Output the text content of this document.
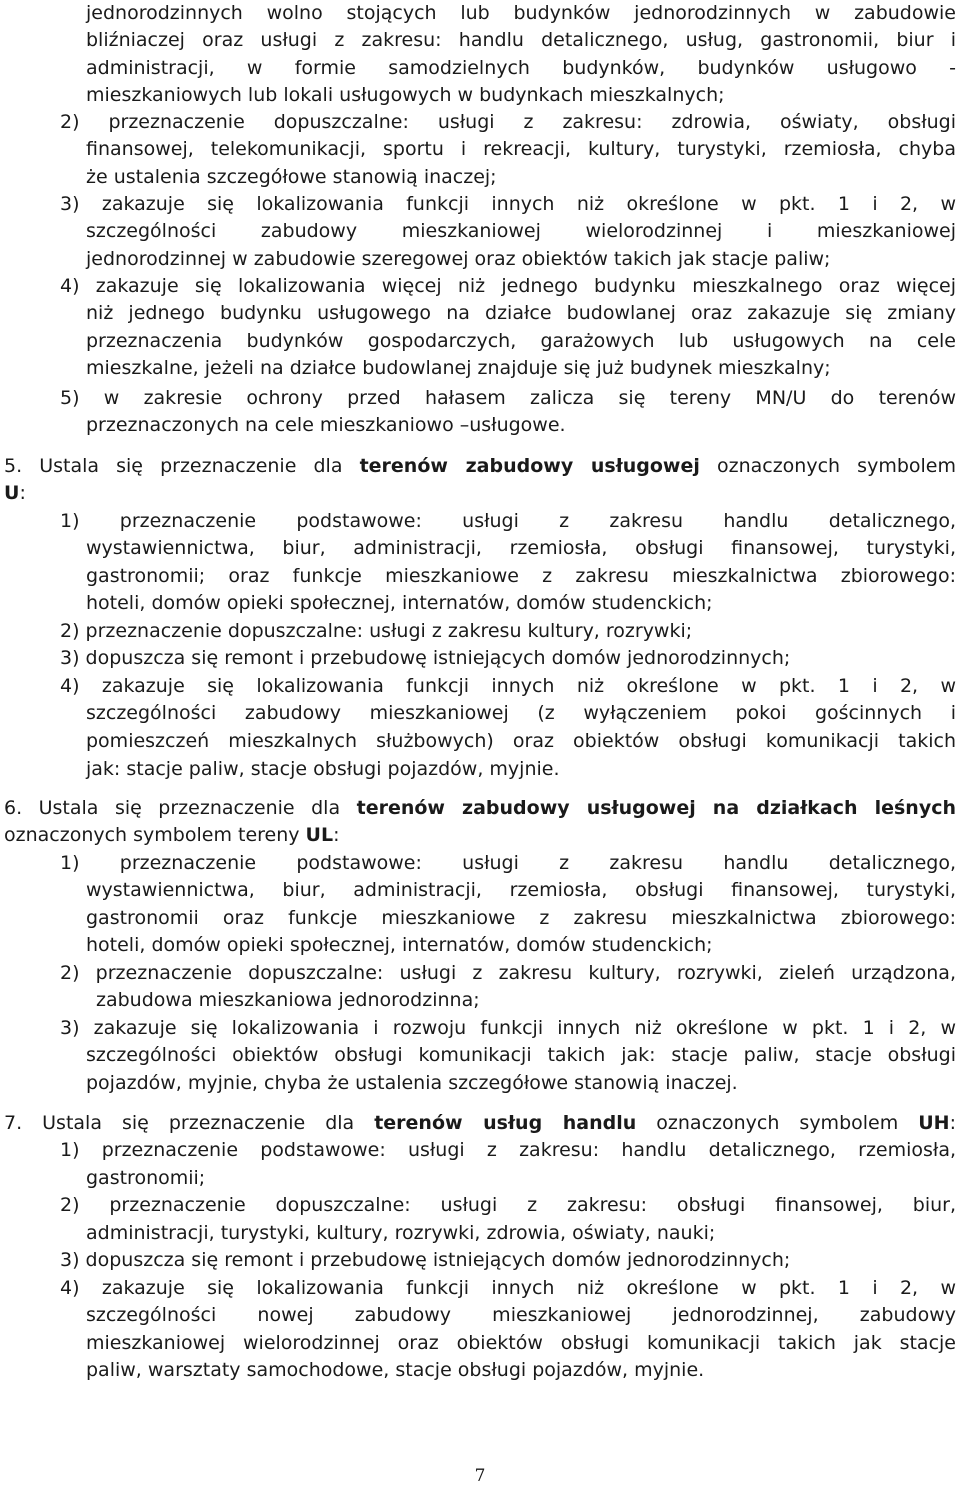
jednorodzinnych wolno stojących lub budynków jednorodzinnych w zabudowie
bliźniaczej oraz usługi z zakresu: handlu detalicznego, usług, gastronomii, biur i
administracji, w formie samodzielnych budynków, budynków usługowo -
mieszkaniowych lub lokali usługowych w budynkach mieszkalnych;
2) przeznaczenie dopuszczalne: usługi z zakresu: zdrowia, oświaty, obsługi
finansowej, telekomunikacji, sportu i rekreacji, kultury, turystyki, rzemiosła, chyba
że ustalenia szczegółowe stanowią inaczej;
3) zakazuje się lokalizowania funkcji innych niż określone w pkt. 1 i 2, w
szczególności zabudowy mieszkaniowej wielorodzinnej i mieszkaniowej
jednorodzinnej w zabudowie szeregowej oraz obiektów takich jak stacje paliw;
4) zakazuje się lokalizowania więcej niż jednego budynku mieszkalnego oraz więcej
niż jednego budynku usługowego na działce budowlanej oraz zakazuje się zmiany
przeznaczenia budynków gospodarczych, garażowych lub usługowych na cele
mieszkalne, jeżeli na działce budowlanej znajduje się już budynek mieszkalny;
5) w zakresie ochrony przed hałasem zalicza się tereny MN/U do terenów
przeznaczonych na cele mieszkaniowo –usługowe.
5. Ustala się przeznaczenie dla terenów zabudowy usługowej oznaczonych symbolem
U:
1) przeznaczenie podstawowe: usługi z zakresu handlu detalicznego,
wystawiennictwa, biur, administracji, rzemiosła, obsługi finansowej, turystyki,
gastronomii; oraz funkcje mieszkaniowe z zakresu mieszkalnictwa zbiorowego:
hoteli, domów opieki społecznej, internatów, domów studenckich;
2) przeznaczenie dopuszczalne: usługi z zakresu kultury, rozrywki;
3) dopuszcza się remont i przebudowę istniejących domów jednorodzinnych;
4) zakazuje się lokalizowania funkcji innych niż określone w pkt. 1 i 2, w
szczególności zabudowy mieszkaniowej (z wyłączeniem pokoi gościnnych i
pomieszczeń mieszkalnych służbowych) oraz obiektów obsługi komunikacji takich
jak: stacje paliw, stacje obsługi pojazdów, myjnie.
6. Ustala się przeznaczenie dla terenów zabudowy usługowej na działkach leśnych
oznaczonych symbolem tereny UL:
1) przeznaczenie podstawowe: usługi z zakresu handlu detalicznego,
wystawiennictwa, biur, administracji, rzemiosła, obsługi finansowej, turystyki,
gastronomii oraz funkcje mieszkaniowe z zakresu mieszkalnictwa zbiorowego:
hoteli, domów opieki społecznej, internatów, domów studenckich;
2) przeznaczenie dopuszczalne: usługi z zakresu kultury, rozrywki, zieleń urządzona,
zabudowa mieszkaniowa jednorodzinna;
3) zakazuje się lokalizowania i rozwoju funkcji innych niż określone w pkt. 1 i 2, w
szczególności obiektów obsługi komunikacji takich jak: stacje paliw, stacje obsługi
pojazdów, myjnie, chyba że ustalenia szczegółowe stanowią inaczej.
7. Ustala się przeznaczenie dla terenów usług handlu oznaczonych symbolem UH:
1) przeznaczenie podstawowe: usługi z zakresu: handlu detalicznego, rzemiosła,
gastronomii;
2) przeznaczenie dopuszczalne: usługi z zakresu: obsługi finansowej, biur,
administracji, turystyki, kultury, rozrywki, zdrowia, oświaty, nauki;
3) dopuszcza się remont i przebudowę istniejących domów jednorodzinnych;
4) zakazuje się lokalizowania funkcji innych niż określone w pkt. 1 i 2, w
szczególności nowej zabudowy mieszkaniowej jednorodzinnej, zabudowy
mieszkaniowej wielorodzinnej oraz obiektów obsługi komunikacji takich jak stacje
paliw, warsztaty samochodowe, stacje obsługi pojazdów, myjnie.
7
